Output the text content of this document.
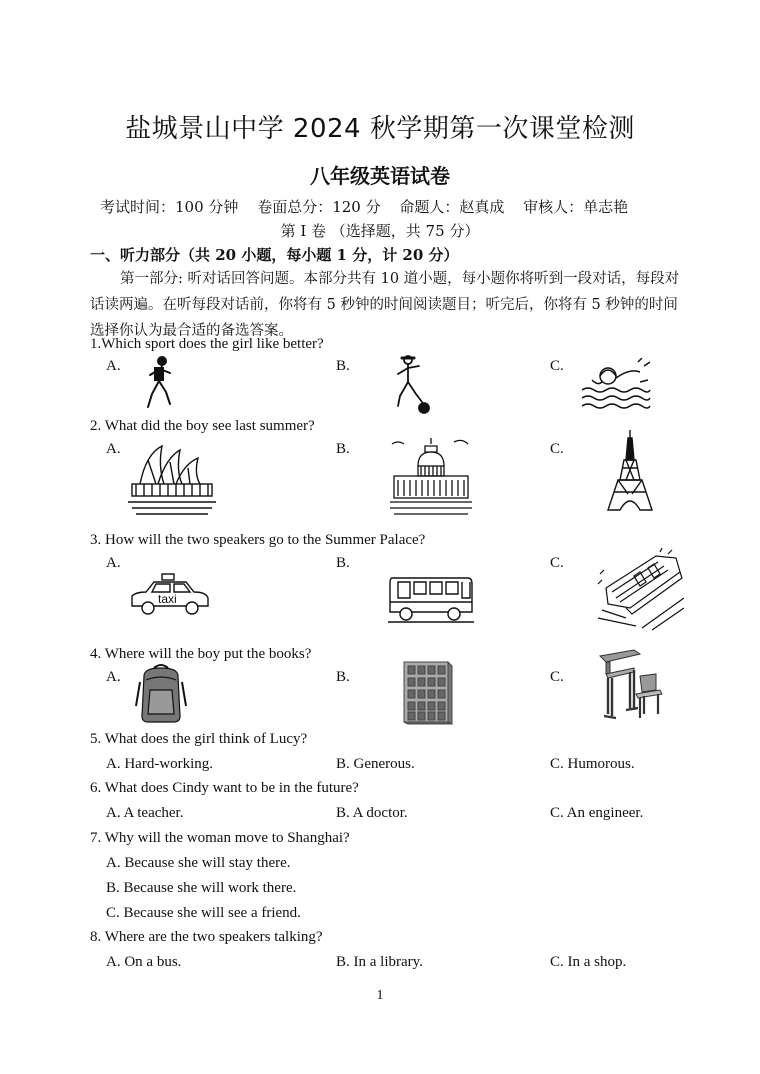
盐城景山中学 2024 秋学期第一次课堂检测
八年级英语试卷
考试时间：100 分钟 卷面总分：120 分 命题人：赵真成 审核人：单志艳
第 I 卷 （选择题，共 75 分）
一、听力部分（共 20 小题，每小题 1 分，计 20 分）
第一部分: 听对话回答问题。本部分共有 10 道小题，每小题你将听到一段对话，每段对话读两遍。在听每段对话前，你将有 5 秒钟的时间阅读题目；听完后，你将有 5 秒钟的时间选择你认为最合适的备选答案。
1.Which sport does the girl like better?
A.	B.	C.
2. What did the boy see last summer?
A.	B.	C.
3. How will the two speakers go to the Summer Palace?
A.	B.	C.
taxi
4. Where will the boy put the books?
A.	B.	C.
5. What does the girl think of Lucy?
A. Hard-working.	B. Generous.	C. Humorous.
6. What does Cindy want to be in the future?
A. A teacher.	B. A doctor.	C. An engineer.
7. Why will the woman move to Shanghai?
A. Because she will stay there.
B. Because she will work there.
C. Because she will see a friend.
8. Where are the two speakers talking?
A. On a bus.	B. In a library.	C. In a shop.
1
